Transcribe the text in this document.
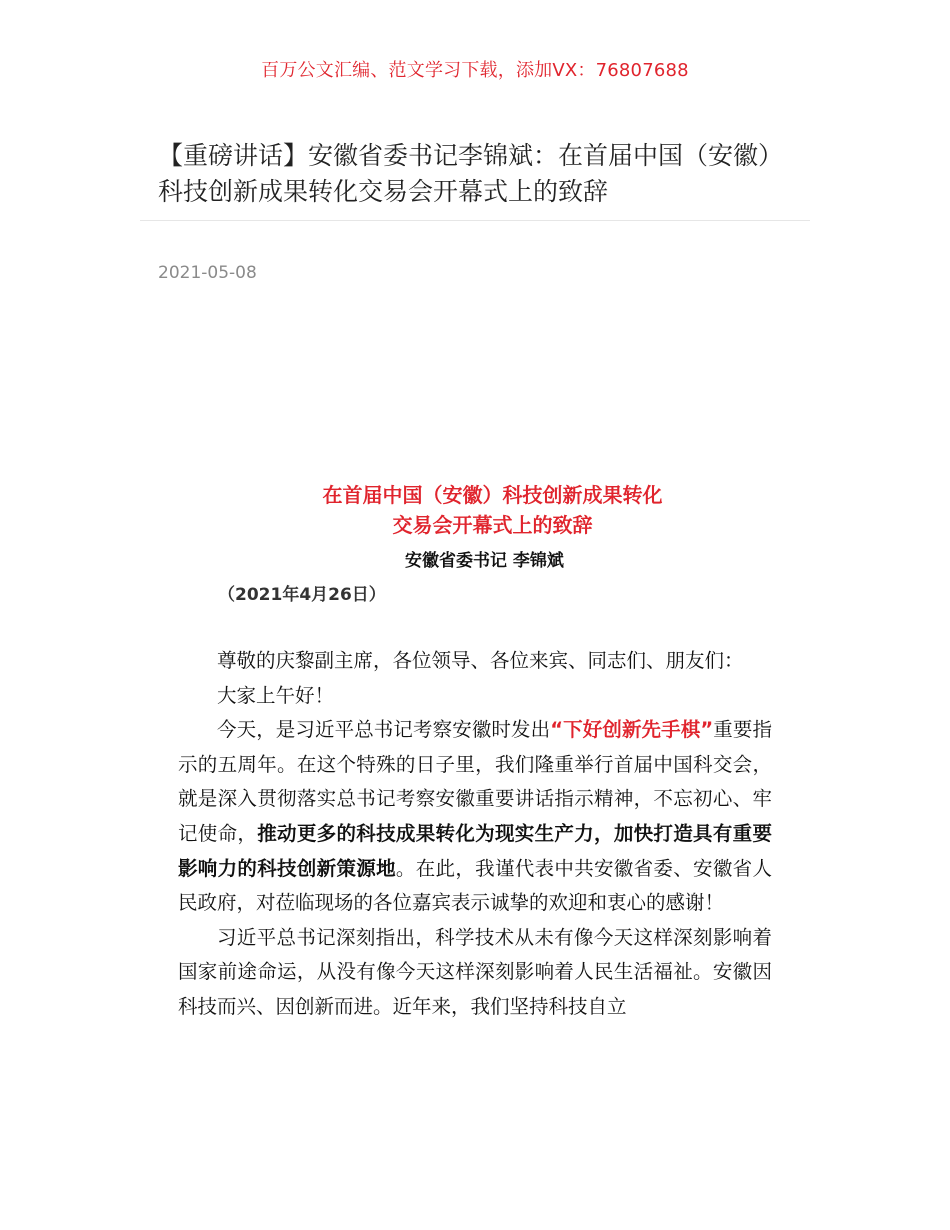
百万公文汇编、范文学习下载，添加VX：76807688
【重磅讲话】安徽省委书记李锦斌：在首届中国（安徽）科技创新成果转化交易会开幕式上的致辞
2021-05-08
在首届中国（安徽）科技创新成果转化
交易会开幕式上的致辞
安徽省委书记 李锦斌
（2021年4月26日）

尊敬的庆黎副主席，各位领导、各位来宾、同志们、朋友们：

大家上午好！

今天，是习近平总书记考察安徽时发出“下好创新先手棋”重要指示的五周年。在这个特殊的日子里，我们隆重举行首届中国科交会，就是深入贯彻落实总书记考察安徽重要讲话指示精神，不忘初心、牢记使命，推动更多的科技成果转化为现实生产力，加快打造具有重要影响力的科技创新策源地。在此，我谨代表中共安徽省委、安徽省人民政府，对莅临现场的各位嘉宾表示诚挚的欢迎和衷心的感谢！

习近平总书记深刻指出，科学技术从未有像今天这样深刻影响着国家前途命运，从没有像今天这样深刻影响着人民生活福祉。安徽因科技而兴、因创新而进。近年来，我们坚持科技自立
